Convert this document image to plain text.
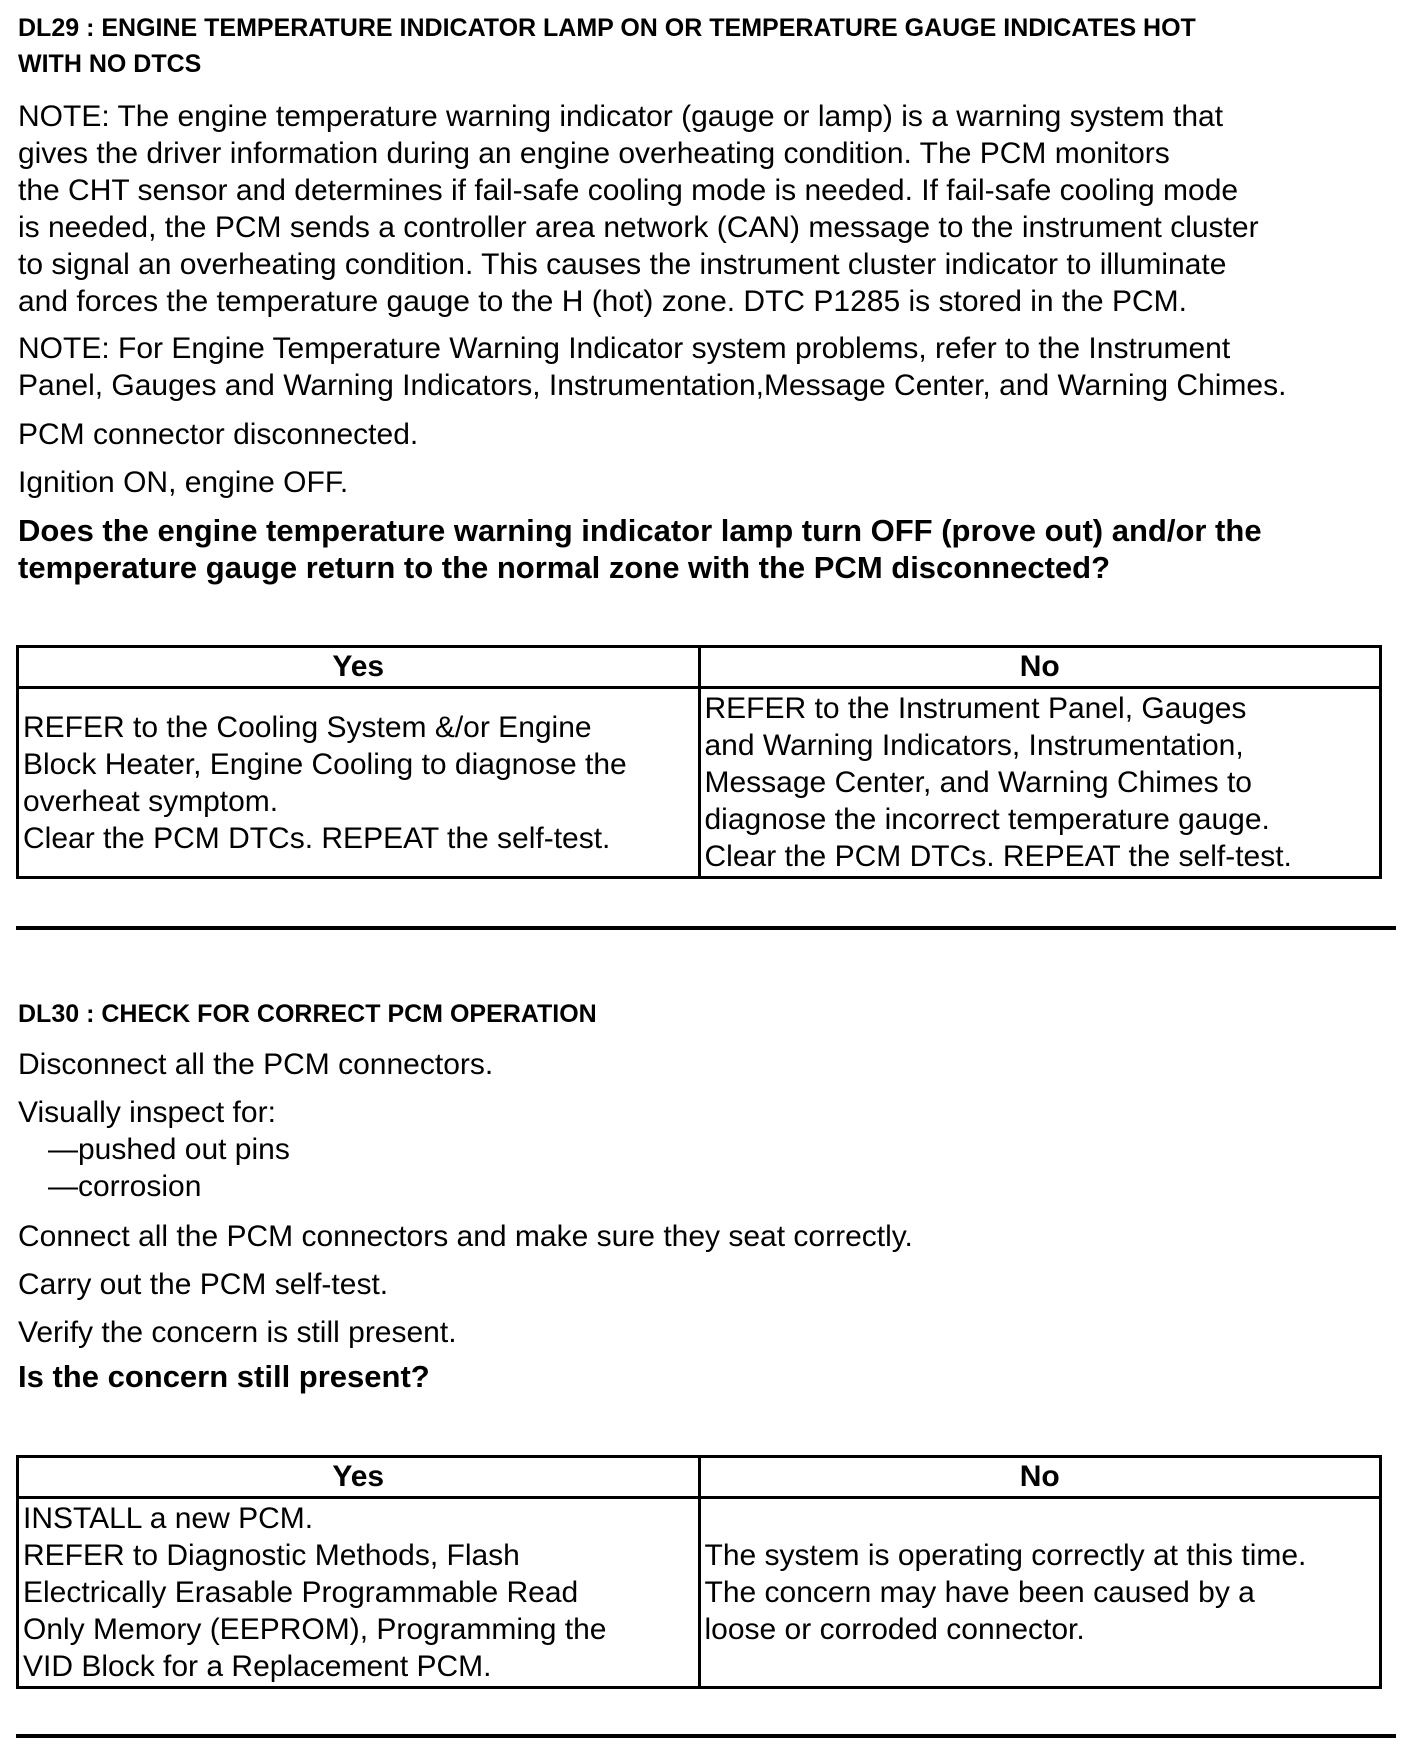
DL29 : ENGINE TEMPERATURE INDICATOR LAMP ON OR TEMPERATURE GAUGE INDICATES HOT

WITH NO DTCS

NOTE: The engine temperature warning indicator (gauge or lamp) is a warning system that

gives the driver information during an engine overheating condition. The PCM monitors

the CHT sensor and determines if fail-safe cooling mode is needed. If fail-safe cooling mode

is needed, the PCM sends a controller area network (CAN) message to the instrument cluster

to signal an overheating condition. This causes the instrument cluster indicator to illuminate

and forces the temperature gauge to the H (hot) zone. DTC P1285 is stored in the PCM.

NOTE: For Engine Temperature Warning Indicator system problems, refer to the Instrument

Panel, Gauges and Warning Indicators, Instrumentation,Message Center, and Warning Chimes.

PCM connector disconnected.

Ignition ON, engine OFF.

Does the engine temperature warning indicator lamp turn OFF (prove out) and/or the

temperature gauge return to the normal zone with the PCM disconnected?

Yes	No
REFER to the Cooling System &/or Engine
Block Heater, Engine Cooling to diagnose the
overheat symptom.
Clear the PCM DTCs. REPEAT the self-test.	REFER to the Instrument Panel, Gauges
and Warning Indicators, Instrumentation,
Message Center, and Warning Chimes to
diagnose the incorrect temperature gauge.
Clear the PCM DTCs. REPEAT the self-test.

DL30 : CHECK FOR CORRECT PCM OPERATION

Disconnect all the PCM connectors.

Visually inspect for:

—pushed out pins

—corrosion

Connect all the PCM connectors and make sure they seat correctly.

Carry out the PCM self-test.

Verify the concern is still present.

Is the concern still present?

Yes	No
INSTALL a new PCM.
REFER to Diagnostic Methods, Flash
Electrically Erasable Programmable Read
Only Memory (EEPROM), Programming the
VID Block for a Replacement PCM.	The system is operating correctly at this time.
The concern may have been caused by a
loose or corroded connector.
